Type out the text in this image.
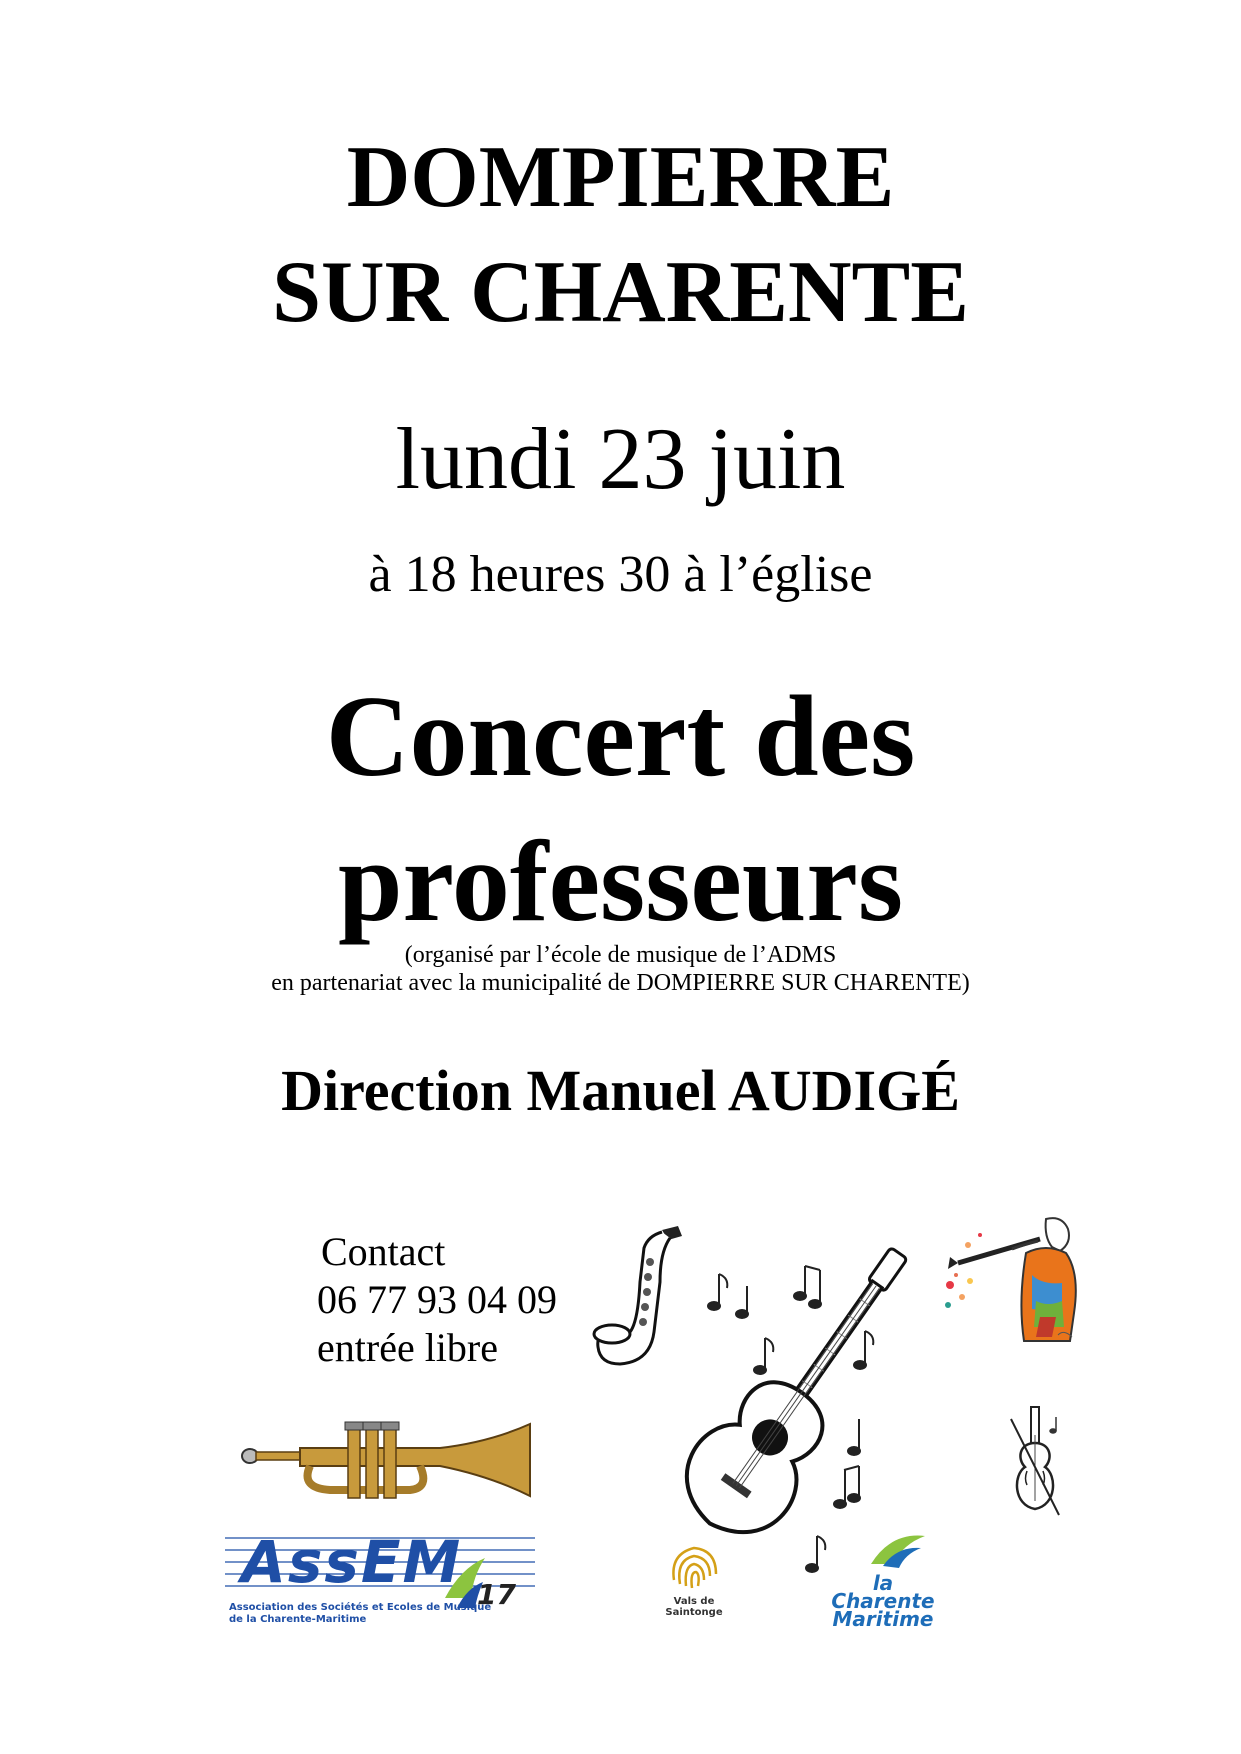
DOMPIERRE
SUR CHARENTE
lundi 23 juin
à 18 heures 30 à l’église
Concert des
professeurs
(organisé par l’école de musique de l’ADMS
en partenariat avec la municipalité de DOMPIERRE SUR CHARENTE)
Direction Manuel AUDIGÉ
Contact
06 77 93 04 09
entrée libre
AssEM 17
Association des Sociétés et Ecoles de Musique
de la Charente-Maritime
Vals de
Saintonge
la
Charente
Maritime
